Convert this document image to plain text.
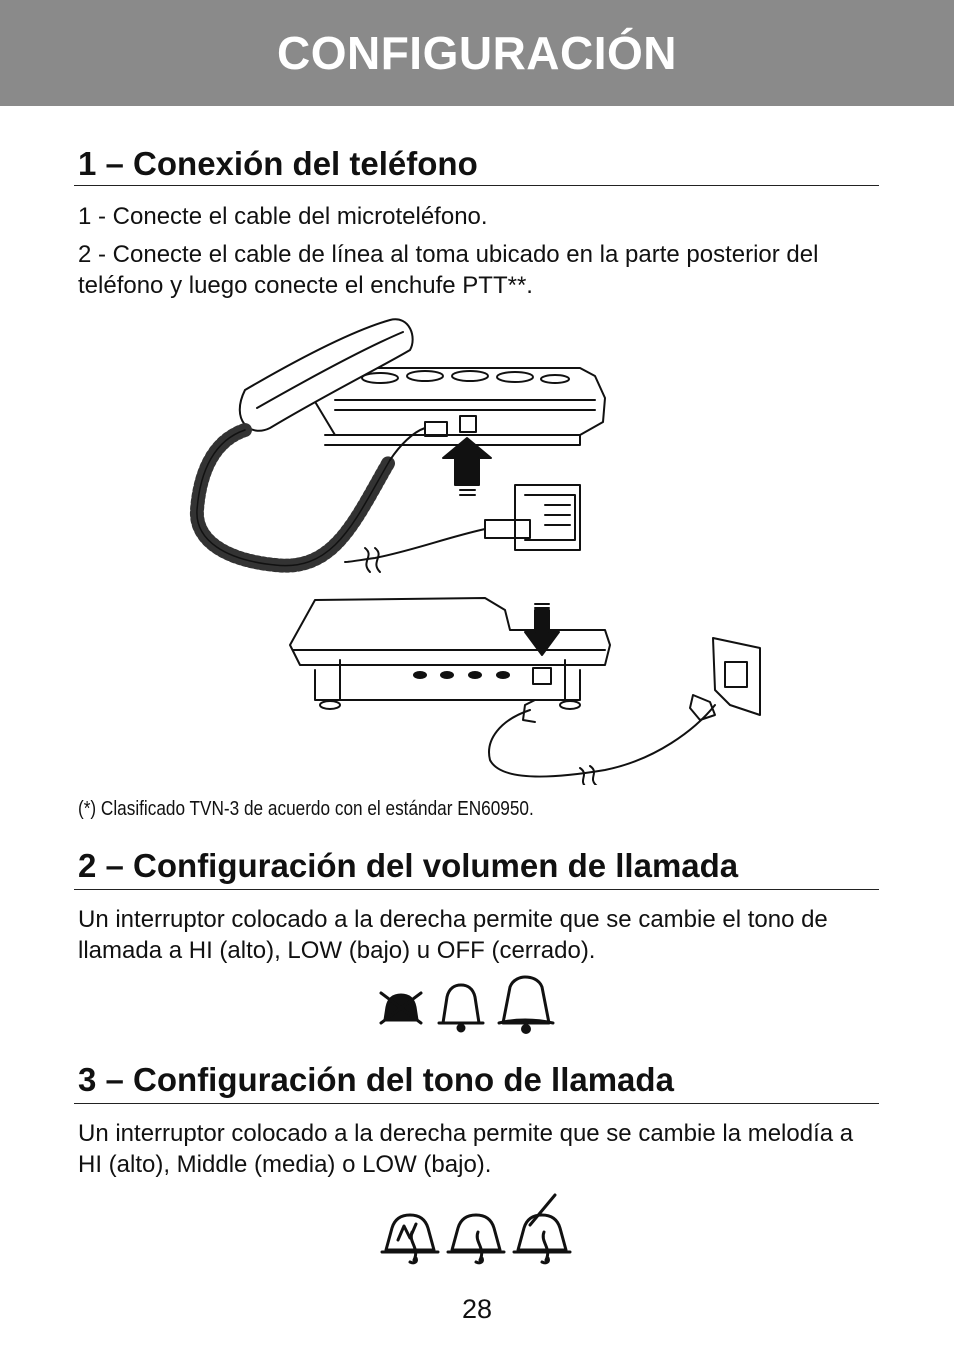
CONFIGURACIÓN
1 – Conexión del teléfono

1 - Conecte el cable del microteléfono.

2 - Conecte el cable de línea al toma ubicado en la parte posterior del teléfono y luego conecte el enchufe PTT**.

(*) Clasificado TVN-3 de acuerdo con el estándar EN60950.

2 – Configuración del volumen de llamada

Un interruptor colocado a la derecha permite que se cambie el tono de llamada a HI (alto), LOW (bajo) u OFF (cerrado).

3 – Configuración del tono de llamada

Un interruptor colocado a la derecha permite que se cambie la melodía a HI (alto), Middle (media) o LOW (bajo).

28
